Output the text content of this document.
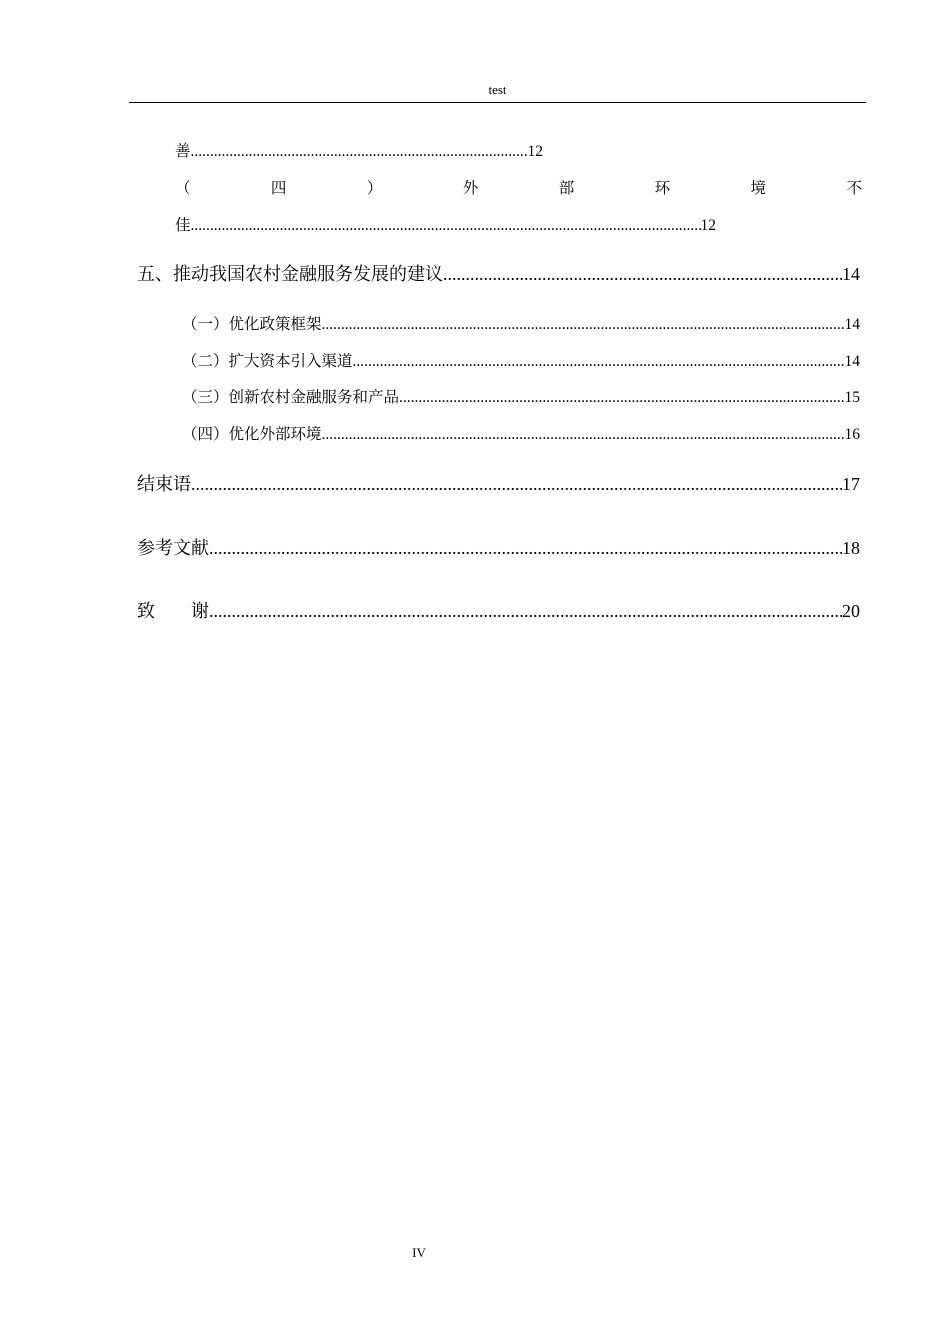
test
善 .....	12
（	四	）	外	部	环	境	不
佳 .....	12
五、推动我国农村金融服务发展的建议 .....	14
（一）优化政策框架 .....	14
（二）扩大资本引入渠道 .....	14
（三）创新农村金融服务和产品 .....	15
（四）优化外部环境 .....	16
结束语 .....	17
参考文献 .....	18
致　　谢 .....	20
IV
